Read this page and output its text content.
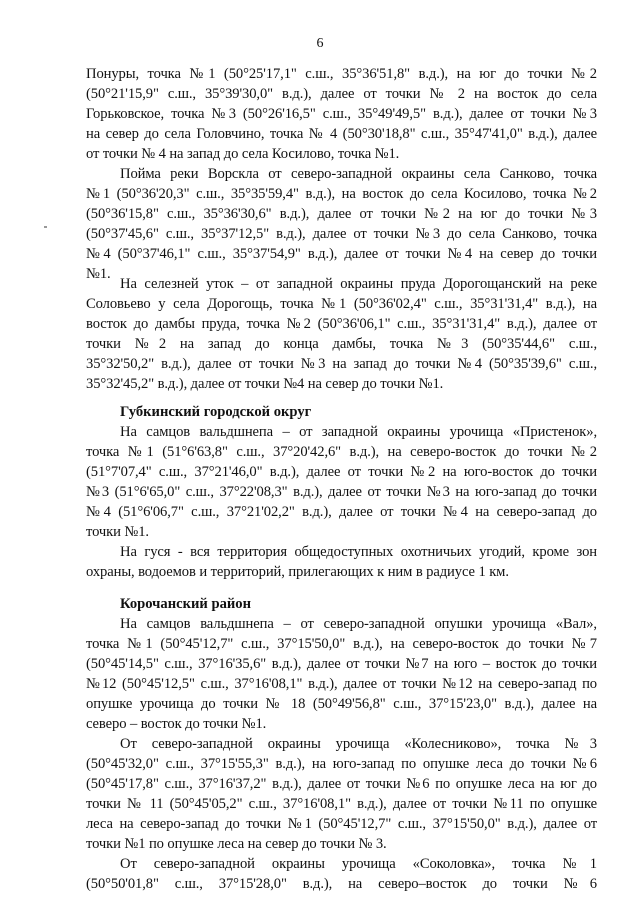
6
Понуры, точка №1 (50°25'17,1" с.ш., 35°36'51,8" в.д.), на юг до точки №2
(50°21'15,9" с.ш., 35°39'30,0" в.д.), далее от точки № 2 на восток до села
Горьковское, точка №3 (50°26'16,5" с.ш., 35°49'49,5" в.д.), далее от точки №3
на север до села Головчино, точка № 4 (50°30'18,8" с.ш., 35°47'41,0" в.д.), далее
от точки № 4 на запад до села Косилово, точка №1.
Пойма реки Ворскла от северо-западной окраины села Санково, точка
№1 (50°36'20,3" с.ш., 35°35'59,4" в.д.), на восток до села Косилово, точка №2
(50°36'15,8" с.ш., 35°36'30,6" в.д.), далее от точки №2 на юг до точки №3
(50°37'45,6" с.ш., 35°37'12,5" в.д.), далее от точки №3 до села Санково, точка
№4 (50°37'46,1" с.ш., 35°37'54,9" в.д.), далее от точки №4 на север до точки
№1.
На селезней уток – от западной окраины пруда Дорогощанский на реке
Соловьево у села Дорогощь, точка №1 (50°36'02,4" с.ш., 35°31'31,4" в.д.), на
восток до дамбы пруда, точка №2 (50°36'06,1" с.ш., 35°31'31,4" в.д.), далее от
точки №2 на запад до конца дамбы, точка №3 (50°35'44,6" с.ш.,
35°32'50,2" в.д.), далее от точки №3 на запад до точки №4 (50°35'39,6" с.ш.,
35°32'45,2" в.д.), далее от точки №4 на север до точки №1.
Губкинский городской округ
На самцов вальдшнепа – от западной окраины урочища «Пристенок»,
точка №1 (51°6'63,8" с.ш., 37°20'42,6" в.д.), на северо-восток до точки №2
(51°7'07,4" с.ш., 37°21'46,0" в.д.), далее от точки №2 на юго-восток до точки
№3 (51°6'65,0" с.ш., 37°22'08,3" в.д.), далее от точки №3 на юго-запад до точки
№4 (51°6'06,7" с.ш., 37°21'02,2" в.д.), далее от точки №4 на северо-запад до
точки №1.
На гуся - вся территория общедоступных охотничьих угодий, кроме зон
охраны, водоемов и территорий, прилегающих к ним в радиусе 1 км.
Корочанский район
На самцов вальдшнепа – от северо-западной опушки урочища «Вал»,
точка №1 (50°45'12,7" с.ш., 37°15'50,0" в.д.), на северо-восток до точки №7
(50°45'14,5" с.ш., 37°16'35,6" в.д.), далее от точки №7 на юго – восток до точки
№12 (50°45'12,5" с.ш., 37°16'08,1" в.д.), далее от точки №12 на северо-запад по
опушке урочища до точки № 18 (50°49'56,8" с.ш., 37°15'23,0" в.д.), далее на
северо – восток до точки №1.
От северо-западной окраины урочища «Колесниково», точка №3
(50°45'32,0" с.ш., 37°15'55,3" в.д.), на юго-запад по опушке леса до точки №6
(50°45'17,8" с.ш., 37°16'37,2" в.д.), далее от точки №6 по опушке леса на юг до
точки № 11 (50°45'05,2" с.ш., 37°16'08,1" в.д.), далее от точки №11 по опушке
леса на северо-запад до точки №1 (50°45'12,7" с.ш., 37°15'50,0" в.д.), далее от
точки №1 по опушке леса на север до точки № 3.
От северо-западной окраины урочища «Соколовка», точка №1
(50°50'01,8" с.ш., 37°15'28,0" в.д.), на северо–восток до точки №6
